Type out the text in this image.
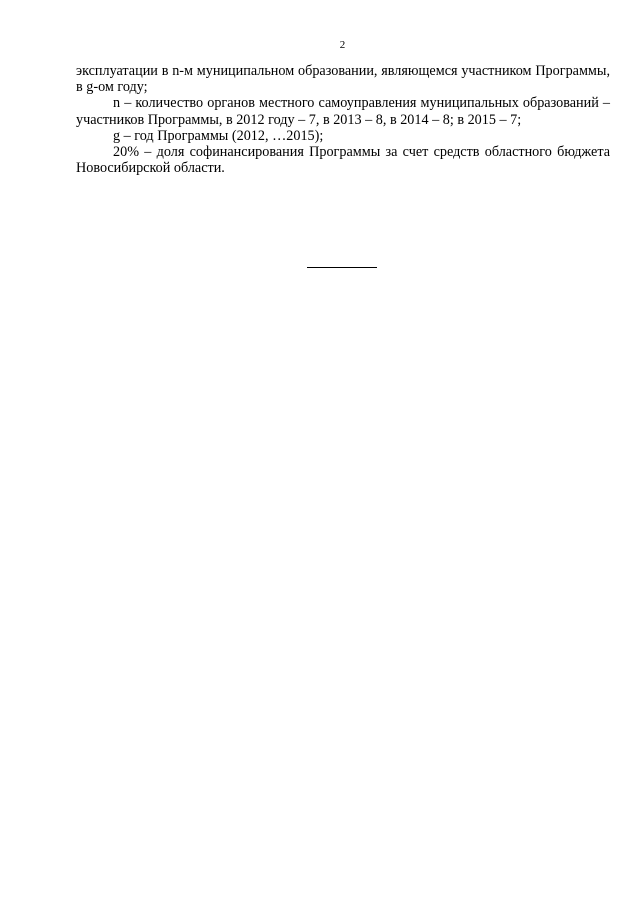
2

эксплуатации в n-м муниципальном образовании, являющемся участником Программы, в g-ом году;

n – количество органов местного самоуправления муниципальных образований – участников Программы, в 2012 году – 7, в 2013 – 8, в 2014 – 8; в 2015 – 7;

g – год Программы (2012, …2015);

20% – доля софинансирования Программы за счет средств областного бюджета Новосибирской области.
